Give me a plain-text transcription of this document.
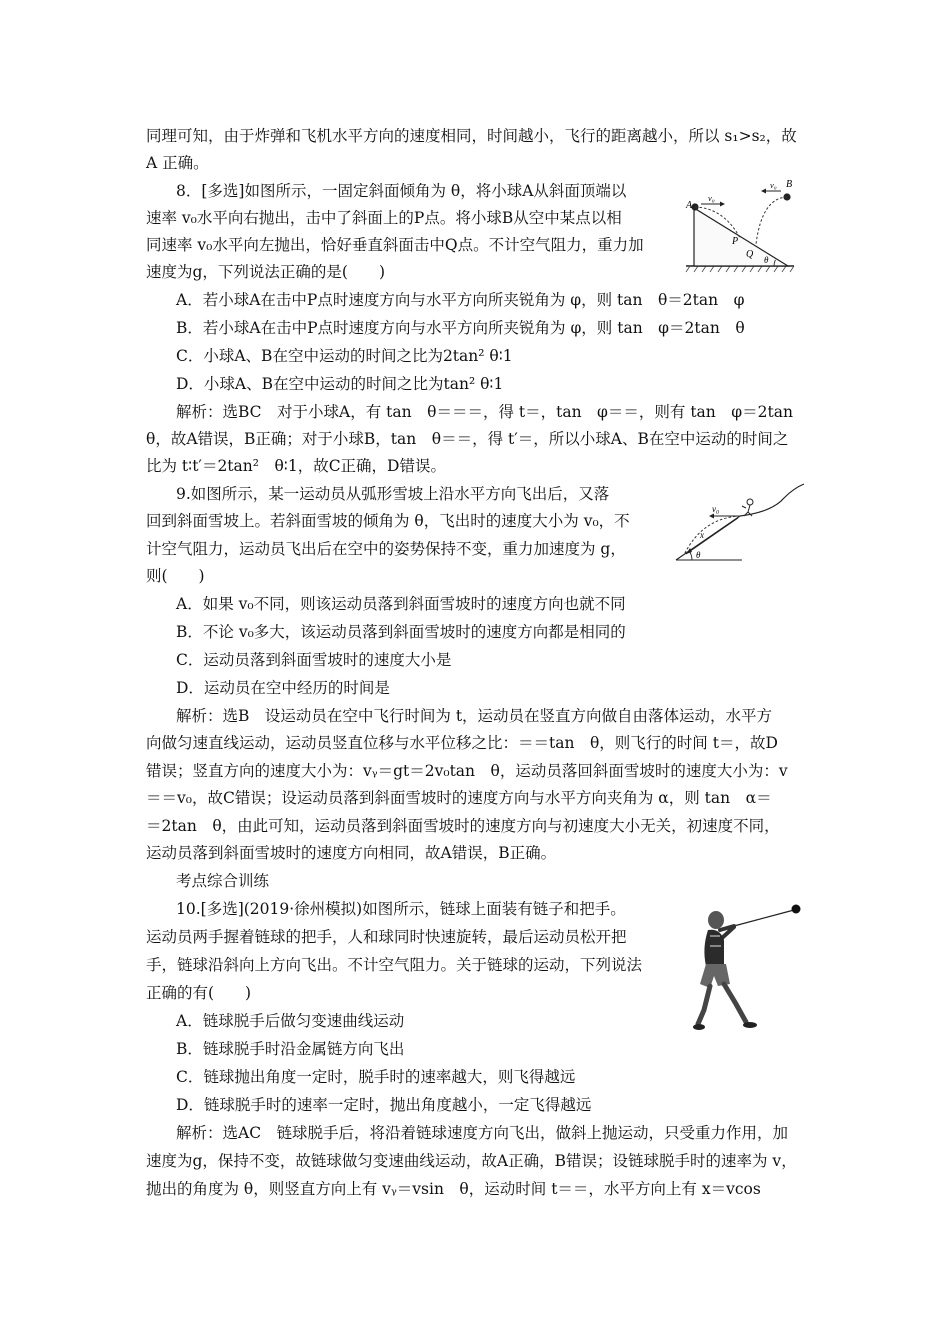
同理可知，由于炸弹和飞机水平方向的速度相同，时间越小，飞行的距离越小，所以 s₁>s₂，故
A 正确。
8．[多选]如图所示，一固定斜面倾角为 θ，将小球A从斜面顶端以
速率 v₀水平向右抛出，击中了斜面上的P点。将小球B从空中某点以相
同速率 v₀水平向左抛出，恰好垂直斜面击中Q点。不计空气阻力，重力加
速度为g，下列说法正确的是(　　)
A
v₀
v₀ B
P
Q θ
A．若小球A在击中P点时速度方向与水平方向所夹锐角为 φ，则 tan　θ＝2tan　φ
B．若小球A在击中P点时速度方向与水平方向所夹锐角为 φ，则 tan　φ＝2tan　θ
C．小球A、B在空中运动的时间之比为2tan² θ∶1
D．小球A、B在空中运动的时间之比为tan² θ∶1
解析：选BC　对于小球A，有 tan　θ＝＝＝，得 t＝，tan　φ＝＝，则有 tan　φ＝2tan
θ，故A错误，B正确；对于小球B，tan　θ＝＝，得 t′＝，所以小球A、B在空中运动的时间之
比为 t∶t′＝2tan²　θ∶1，故C正确，D错误。
9.如图所示，某一运动员从弧形雪坡上沿水平方向飞出后，又落
回到斜面雪坡上。若斜面雪坡的倾角为 θ，飞出时的速度大小为 v₀，不
计空气阻力，运动员飞出后在空中的姿势保持不变，重力加速度为 g，
则(　　)
v₀
x
θ
A．如果 v₀不同，则该运动员落到斜面雪坡时的速度方向也就不同
B．不论 v₀多大，该运动员落到斜面雪坡时的速度方向都是相同的
C．运动员落到斜面雪坡时的速度大小是
D．运动员在空中经历的时间是
解析：选B　设运动员在空中飞行时间为 t，运动员在竖直方向做自由落体运动，水平方
向做匀速直线运动，运动员竖直位移与水平位移之比：＝＝tan　θ，则飞行的时间 t＝，故D
错误；竖直方向的速度大小为：vᵧ＝gt＝2v₀tan　θ，运动员落回斜面雪坡时的速度大小为：v
＝＝v₀，故C错误；设运动员落到斜面雪坡时的速度方向与水平方向夹角为 α，则 tan　α＝
＝2tan　θ，由此可知，运动员落到斜面雪坡时的速度方向与初速度大小无关，初速度不同，
运动员落到斜面雪坡时的速度方向相同，故A错误，B正确。
考点综合训练
10.[多选](2019·徐州模拟)如图所示，链球上面装有链子和把手。
运动员两手握着链球的把手，人和球同时快速旋转，最后运动员松开把
手，链球沿斜向上方向飞出。不计空气阻力。关于链球的运动，下列说法
正确的有(　　)
A．链球脱手后做匀变速曲线运动
B．链球脱手时沿金属链方向飞出
C．链球抛出角度一定时，脱手时的速率越大，则飞得越远
D．链球脱手时的速率一定时，抛出角度越小，一定飞得越远
解析：选AC　链球脱手后，将沿着链球速度方向飞出，做斜上抛运动，只受重力作用，加
速度为g，保持不变，故链球做匀变速曲线运动，故A正确，B错误；设链球脱手时的速率为 v，
抛出的角度为 θ，则竖直方向上有 vᵧ＝vsin　θ，运动时间 t＝＝，水平方向上有 x＝vcos
